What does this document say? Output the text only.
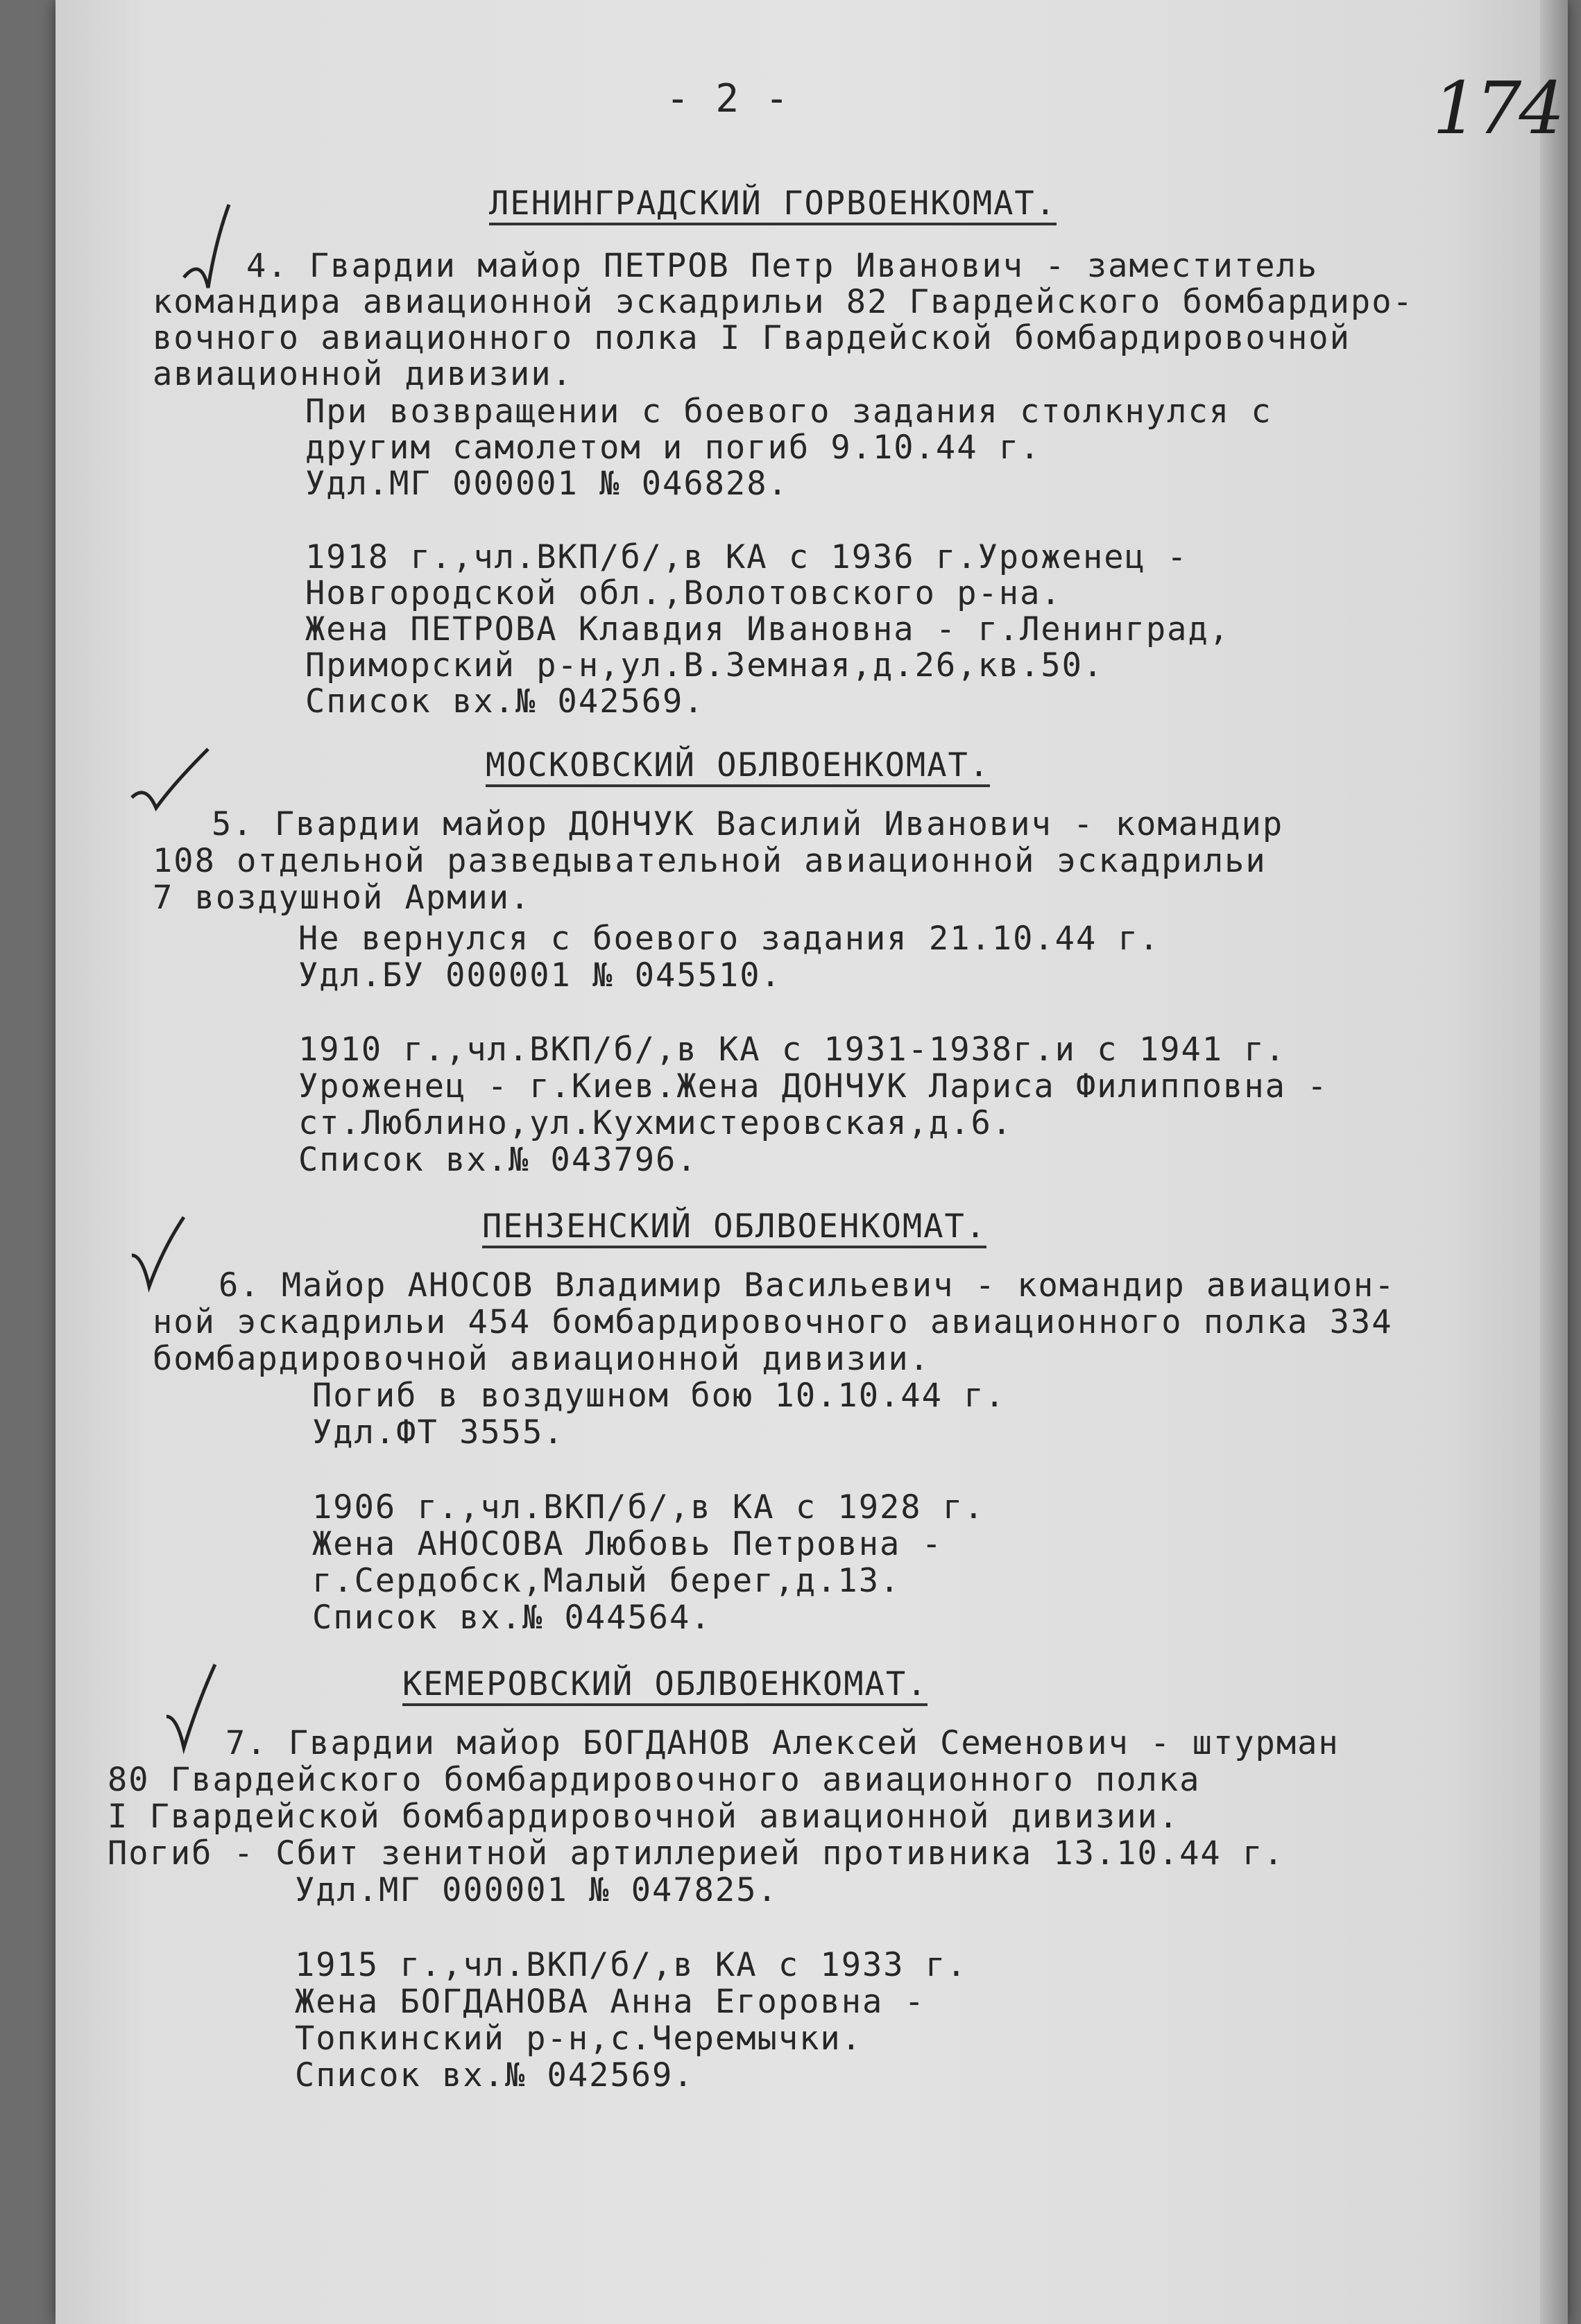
- 2 -	174
ЛЕНИНГРАДСКИЙ ГОРВОЕНКОМАТ.
4. Гвардии майор ПЕТРОВ Петр Иванович - заместитель
командира авиационной эскадрильи 82 Гвардейского бомбардиро-
вочного авиационного полка I Гвардейской бомбардировочной
авиационной дивизии.
При возвращении с боевого задания столкнулся с
другим самолетом и погиб 9.10.44 г.
Удл.МГ 000001 № 046828.
1918 г.,чл.ВКП/б/,в КА с 1936 г.Уроженец -
Новгородской обл.,Волотовского р-на.
Жена ПЕТРОВА Клавдия Ивановна - г.Ленинград,
Приморский р-н,ул.В.Земная,д.26,кв.50.
Список вх.№ 042569.
МОСКОВСКИЙ ОБЛВОЕНКОМАТ.
5. Гвардии майор ДОНЧУК Василий Иванович - командир
108 отдельной разведывательной авиационной эскадрильи
7 воздушной Армии.
Не вернулся с боевого задания 21.10.44 г.
Удл.БУ 000001 № 045510.
1910 г.,чл.ВКП/б/,в КА с 1931-1938г.и с 1941 г.
Уроженец - г.Киев.Жена ДОНЧУК Лариса Филипповна -
ст.Люблино,ул.Кухмистеровская,д.6.
Список вх.№ 043796.
ПЕНЗЕНСКИЙ ОБЛВОЕНКОМАТ.
6. Майор АНОСОВ Владимир Васильевич - командир авиацион-
ной эскадрильи 454 бомбардировочного авиационного полка 334
бомбардировочной авиационной дивизии.
Погиб в воздушном бою 10.10.44 г.
Удл.ФТ 3555.
1906 г.,чл.ВКП/б/,в КА с 1928 г.
Жена АНОСОВА Любовь Петровна -
г.Сердобск,Малый берег,д.13.
Список вх.№ 044564.
КЕМЕРОВСКИЙ ОБЛВОЕНКОМАТ.
7. Гвардии майор БОГДАНОВ Алексей Семенович - штурман
80 Гвардейского бомбардировочного авиационного полка
I Гвардейской бомбардировочной авиационной дивизии.
Погиб - Сбит зенитной артиллерией противника 13.10.44 г.
Удл.МГ 000001 № 047825.
1915 г.,чл.ВКП/б/,в КА с 1933 г.
Жена БОГДАНОВА Анна Егоровна -
Топкинский р-н,с.Черемычки.
Список вх.№ 042569.
